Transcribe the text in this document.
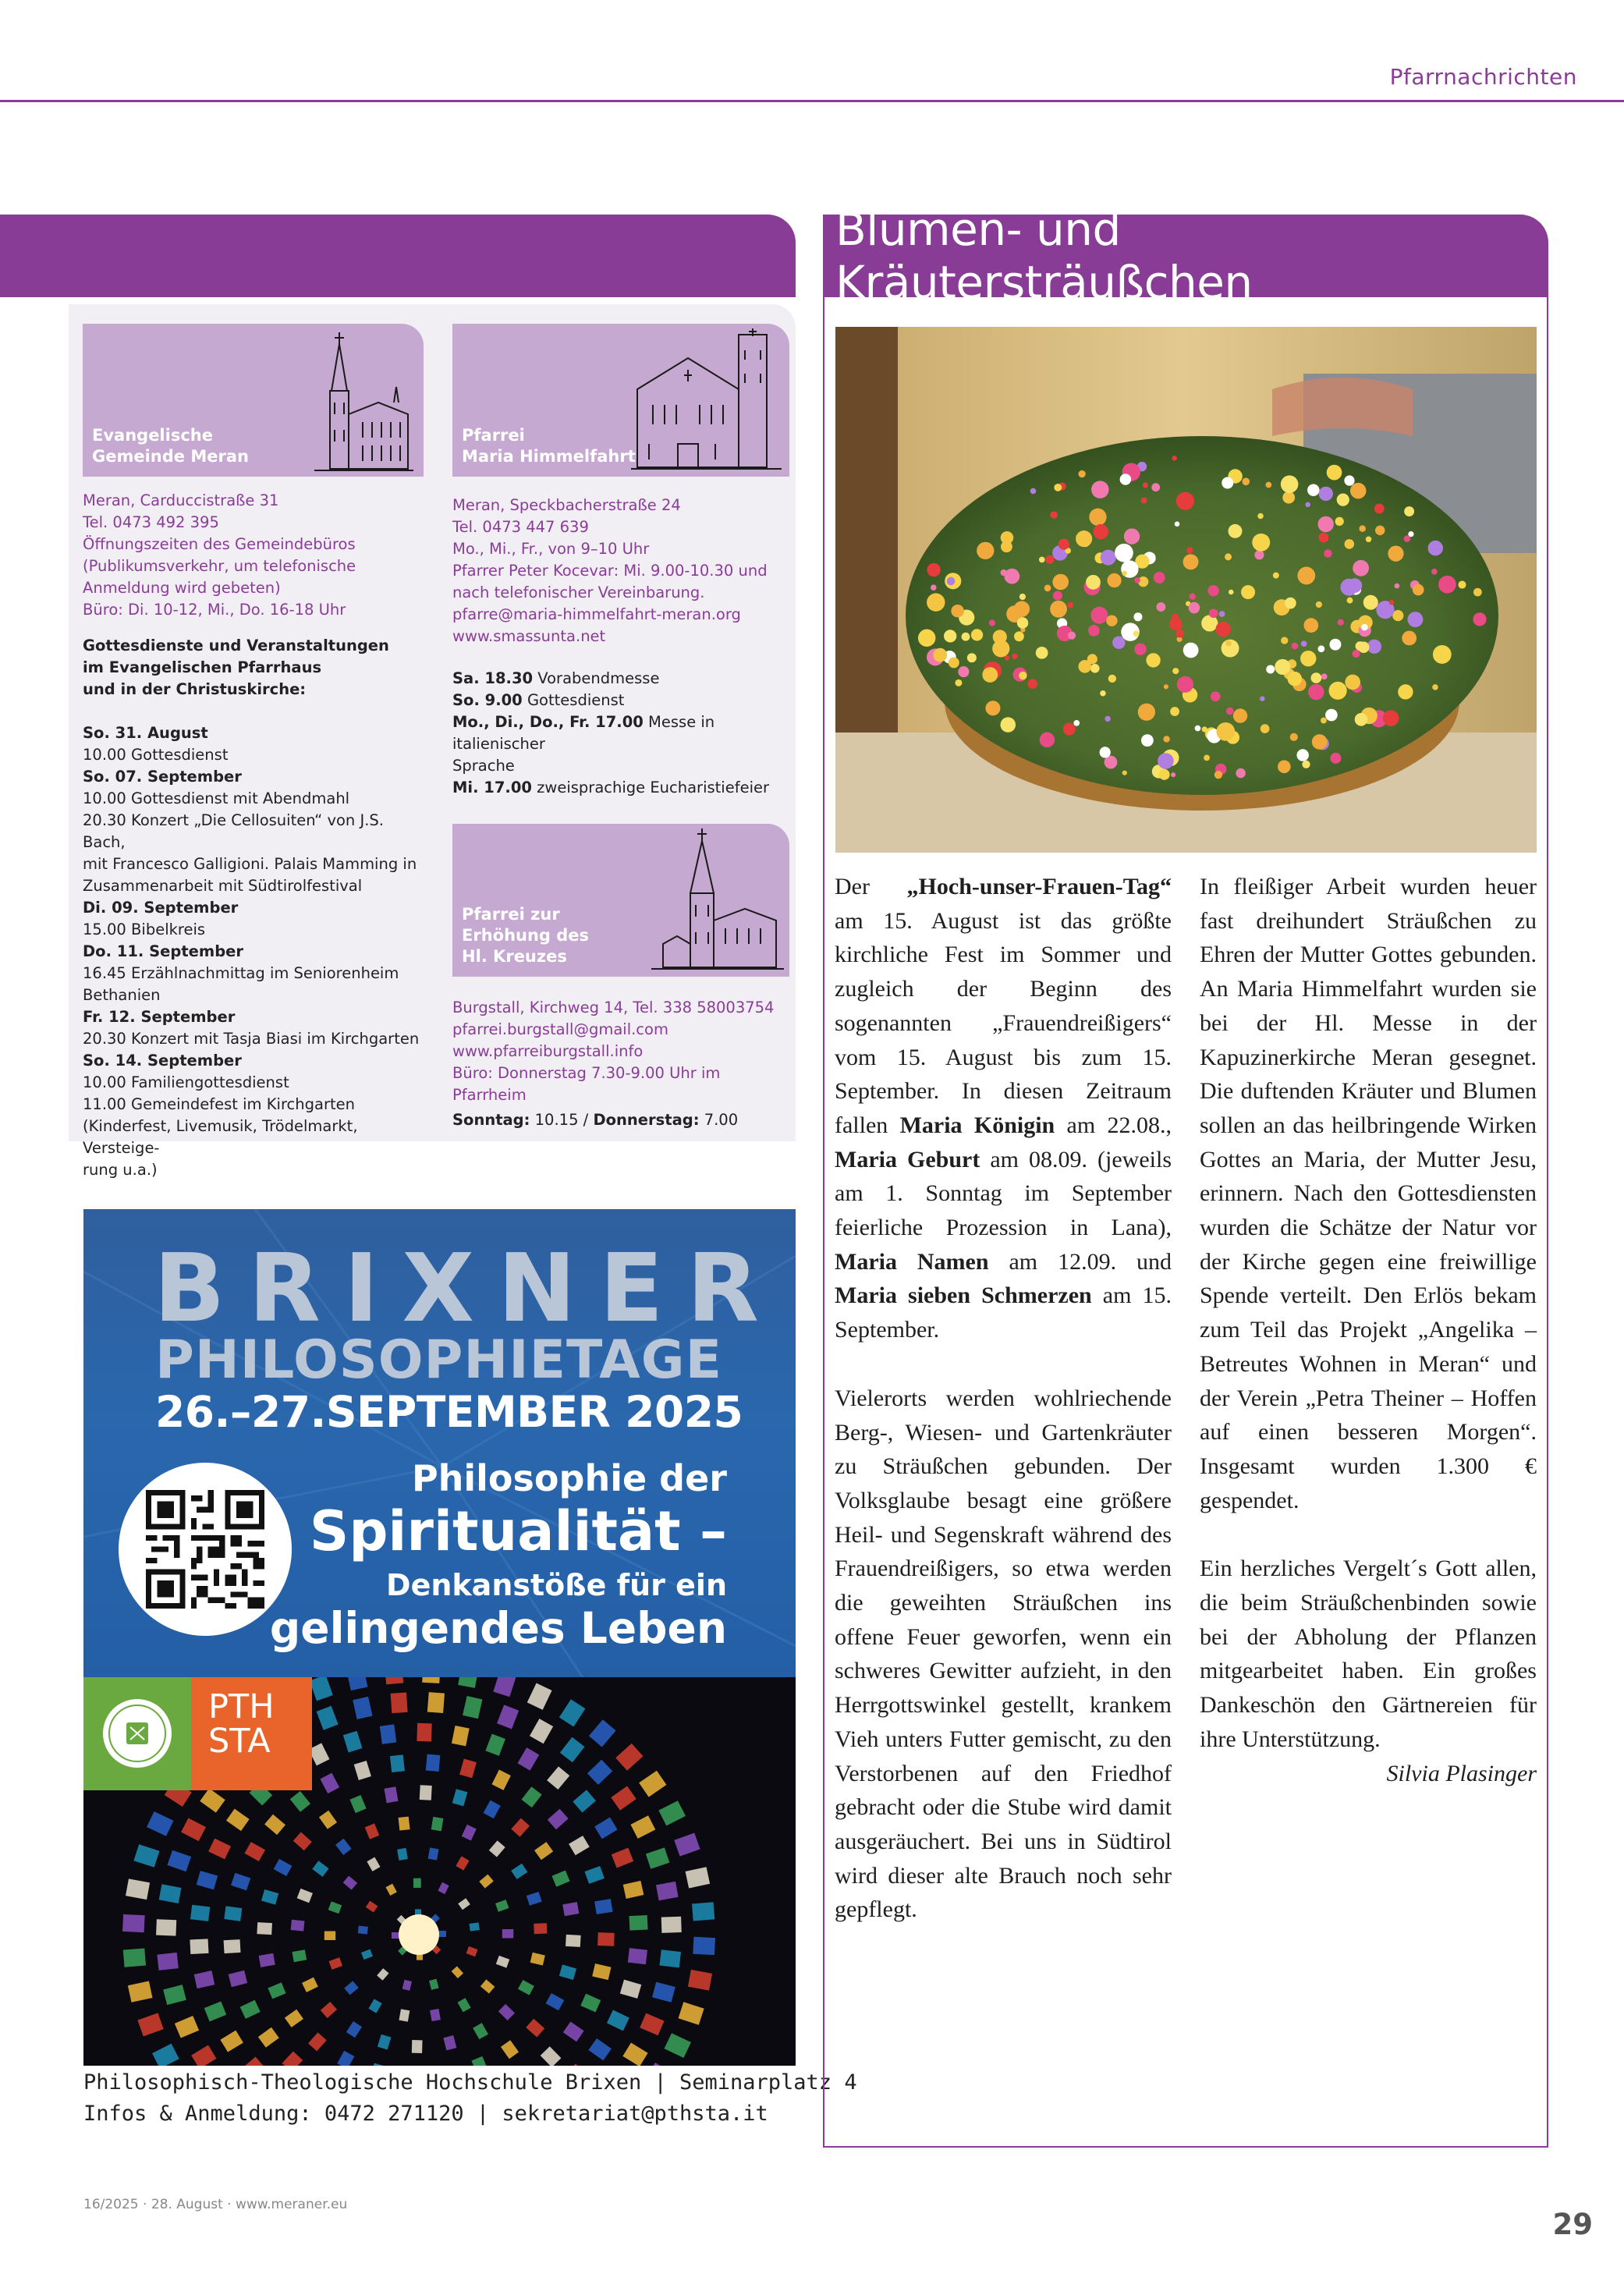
Pfarrnachrichten
Blumen- und Kräutersträußchen
Evangelische
Gemeinde Meran
Meran, Carduccistraße 31
Tel. 0473 492 395
Öffnungszeiten des Gemeindebüros
(Publikumsverkehr, um telefonische
Anmeldung wird gebeten)
Büro: Di. 10-12, Mi., Do. 16-18 Uhr
Gottesdienste und Veranstaltungen
im Evangelischen Pfarrhaus
und in der Christuskirche:
So. 31. August
10.00 Gottesdienst
So. 07. September
10.00 Gottesdienst mit Abendmahl
20.30 Konzert „Die Cellosuiten“ von J.S. Bach,
mit Francesco Galligioni. Palais Mamming in
Zusammenarbeit mit Südtirolfestival
Di. 09. September
15.00 Bibelkreis
Do. 11. September
16.45 Erzählnachmittag im Seniorenheim
Bethanien
Fr. 12. September
20.30 Konzert mit Tasja Biasi im Kirchgarten
So. 14. September
10.00 Familiengottesdienst
11.00 Gemeindefest im Kirchgarten
(Kinderfest, Livemusik, Trödelmarkt, Versteige-
rung u.a.)
Pfarrei
Maria Himmelfahrt
Meran, Speckbacherstraße 24
Tel. 0473 447 639
Mo., Mi., Fr., von 9–10 Uhr
Pfarrer Peter Kocevar: Mi. 9.00-10.30 und
nach telefonischer Vereinbarung.
pfarre@maria-himmelfahrt-meran.org
www.smassunta.net
Sa. 18.30 Vorabendmesse
So. 9.00 Gottesdienst
Mo., Di., Do., Fr. 17.00 Messe in italienischer
Sprache
Mi. 17.00 zweisprachige Eucharistiefeier
Pfarrei zur
Erhöhung des
Hl. Kreuzes
Burgstall, Kirchweg 14, Tel. 338 58003754
pfarrei.burgstall@gmail.com
www.pfarreiburgstall.info
Büro: Donnerstag 7.30-9.00 Uhr im Pfarrheim
Sonntag: 10.15 / Donnerstag: 7.00
BRIXNER
PHILOSOPHIETAGE
26.–27.SEPTEMBER 2025
Philosophie der
Spiritualität –
Denkanstöße für ein
gelingendes Leben
PTH
STA
Philosophisch-Theologische Hochschule Brixen | Seminarplatz 4
Infos & Anmeldung: 0472 271120 | sekretariat@pthsta.it

Der „Hoch-unser-Frauen-Tag“ am 15. August ist das größte kirchliche Fest im Sommer und zugleich der Beginn des sogenannten „Frauendreißigers“ vom 15. August bis zum 15. September. In diesen Zeitraum fallen Maria Königin am 22.08., Maria Geburt am 08.09. (jeweils am 1. Sonntag im September feierliche Prozession in Lana), Maria Namen am 12.09. und Maria sieben Schmerzen am 15. September.

Vielerorts werden wohlriechende Berg-, Wiesen- und Gartenkräuter zu Sträußchen gebunden. Der Volksglaube besagt eine größere Heil- und Segenskraft während des Frauendreißigers, so etwa werden die geweihten Sträußchen ins offene Feuer geworfen, wenn ein schweres Gewitter aufzieht, in den Herrgottswinkel gestellt, krankem Vieh unters Futter gemischt, zu den Verstorbenen auf den Friedhof gebracht oder die Stube wird damit ausgeräuchert. Bei uns in Südtirol wird dieser alte Brauch noch sehr gepflegt.

In fleißiger Arbeit wurden heuer fast dreihundert Sträußchen zu Ehren der Mutter Gottes gebunden. An Maria Himmelfahrt wurden sie bei der Hl. Messe in der Kapuzinerkirche Meran gesegnet. Die duftenden Kräuter und Blumen sollen an das heilbringende Wirken Gottes an Maria, der Mutter Jesu, erinnern. Nach den Gottesdiensten wurden die Schätze der Natur vor der Kirche gegen eine freiwillige Spende verteilt. Den Erlös bekam zum Teil das Projekt „Angelika – Betreutes Wohnen in Meran“ und der Verein „Petra Theiner – Hoffen auf einen besseren Morgen“. Insgesamt wurden 1.300 € gespendet.

Ein herzliches Vergelt´s Gott allen, die beim Sträußchenbinden sowie bei der Abholung der Pflanzen mitgearbeitet haben. Ein großes Dankeschön den Gärtnereien für ihre Unterstützung.

Silvia Plasinger
16/2025 · 28. August · www.meraner.eu
29
